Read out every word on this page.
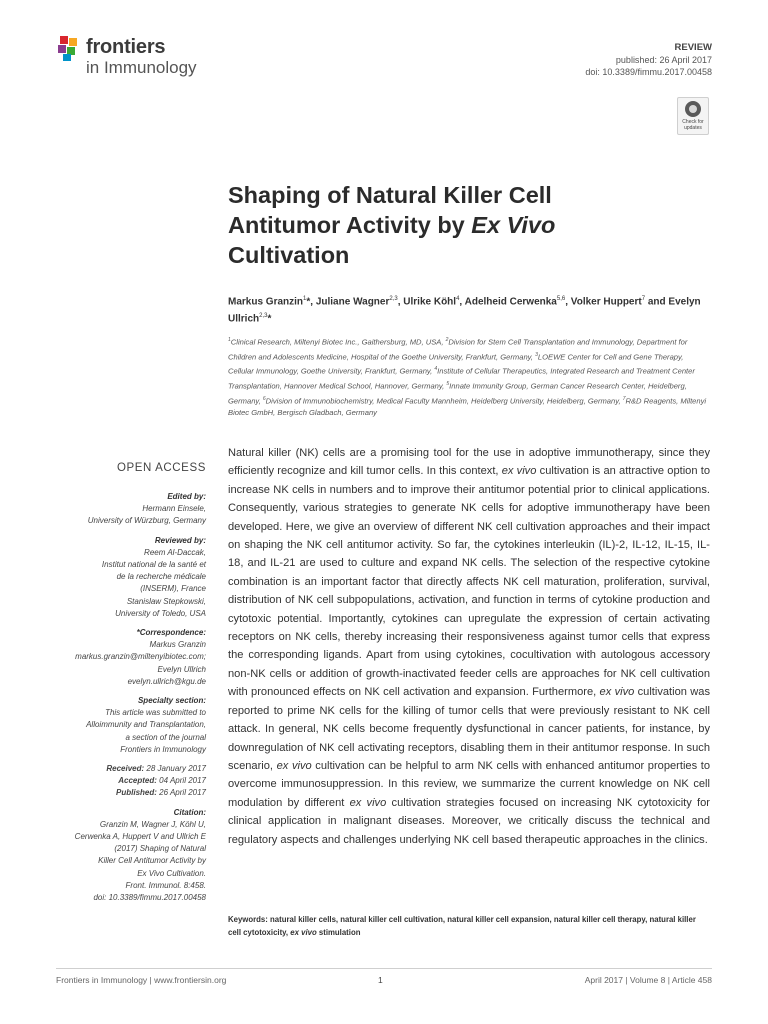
frontiers
in Immunology
REVIEW
published: 26 April 2017
doi: 10.3389/fimmu.2017.00458
Check for updates
Shaping of Natural Killer Cell
Antitumor Activity by Ex Vivo
Cultivation
Markus Granzin$^1$*, Juliane Wagner$^{2,3}$, Ulrike Köhl$^4$, Adelheid Cerwenka$^{5,6}$, Volker Huppert$^7$ and Evelyn Ullrich$^{2,3}$*
$^1$Clinical Research, Miltenyi Biotec Inc., Gaithersburg, MD, USA, $^2$Division for Stem Cell Transplantation and Immunology, Department for Children and Adolescents Medicine, Hospital of the Goethe University, Frankfurt, Germany, $^3$LOEWE Center for Cell and Gene Therapy, Cellular Immunology, Goethe University, Frankfurt, Germany, $^4$Institute of Cellular Therapeutics, Integrated Research and Treatment Center Transplantation, Hannover Medical School, Hannover, Germany, $^5$Innate Immunity Group, German Cancer Research Center, Heidelberg, Germany, $^6$Division of Immunobiochemistry, Medical Faculty Mannheim, Heidelberg University, Heidelberg, Germany, $^7$R&D Reagents, Miltenyi Biotec GmbH, Bergisch Gladbach, Germany
OPEN ACCESS
Edited by:
Hermann Einsele,
University of Würzburg, Germany
Reviewed by:
Reem Al-Daccak,
Institut national de la santé et
de la recherche médicale
(INSERM), France
Stanislaw Stepkowski,
University of Toledo, USA
*Correspondence:
Markus Granzin
markus.granzin@miltenyibiotec.com;
Evelyn Ullrich
evelyn.ullrich@kgu.de
Specialty section:
This article was submitted to
Alloimmunity and Transplantation,
a section of the journal
Frontiers in Immunology
Received: 28 January 2017
Accepted: 04 April 2017
Published: 26 April 2017
Citation:
Granzin M, Wagner J, Köhl U,
Cerwenka A, Huppert V and Ullrich E
(2017) Shaping of Natural
Killer Cell Antitumor Activity by
Ex Vivo Cultivation.
Front. Immunol. 8:458.
doi: 10.3389/fimmu.2017.00458
Natural killer (NK) cells are a promising tool for the use in adoptive immunotherapy, since they efficiently recognize and kill tumor cells. In this context, ex vivo cultivation is an attractive option to increase NK cells in numbers and to improve their antitumor potential prior to clinical applications. Consequently, various strategies to generate NK cells for adoptive immunotherapy have been developed. Here, we give an overview of different NK cell cultivation approaches and their impact on shaping the NK cell antitumor activity. So far, the cytokines interleukin (IL)-2, IL-12, IL-15, IL-18, and IL-21 are used to culture and expand NK cells. The selection of the respective cytokine combination is an important factor that directly affects NK cell maturation, proliferation, survival, distribution of NK cell subpopulations, activation, and function in terms of cytokine production and cytotoxic potential. Importantly, cytokines can upregulate the expression of certain activating receptors on NK cells, thereby increasing their responsiveness against tumor cells that express the corresponding ligands. Apart from using cytokines, cocultivation with autologous accessory non-NK cells or addition of growth-inactivated feeder cells are approaches for NK cell cultivation with pronounced effects on NK cell activation and expansion. Furthermore, ex vivo cultivation was reported to prime NK cells for the killing of tumor cells that were previously resistant to NK cell attack. In general, NK cells become frequently dysfunctional in cancer patients, for instance, by downregulation of NK cell activating receptors, disabling them in their antitumor response. In such scenario, ex vivo cultivation can be helpful to arm NK cells with enhanced antitumor properties to overcome immunosuppression. In this review, we summarize the current knowledge on NK cell modulation by different ex vivo cultivation strategies focused on increasing NK cytotoxicity for clinical application in malignant diseases. Moreover, we critically discuss the technical and regulatory aspects and challenges underlying NK cell based therapeutic approaches in the clinics.
Keywords: natural killer cells, natural killer cell cultivation, natural killer cell expansion, natural killer cell therapy, natural killer cell cytotoxicity, ex vivo stimulation
Frontiers in Immunology | www.frontiersin.org	1	April 2017 | Volume 8 | Article 458
